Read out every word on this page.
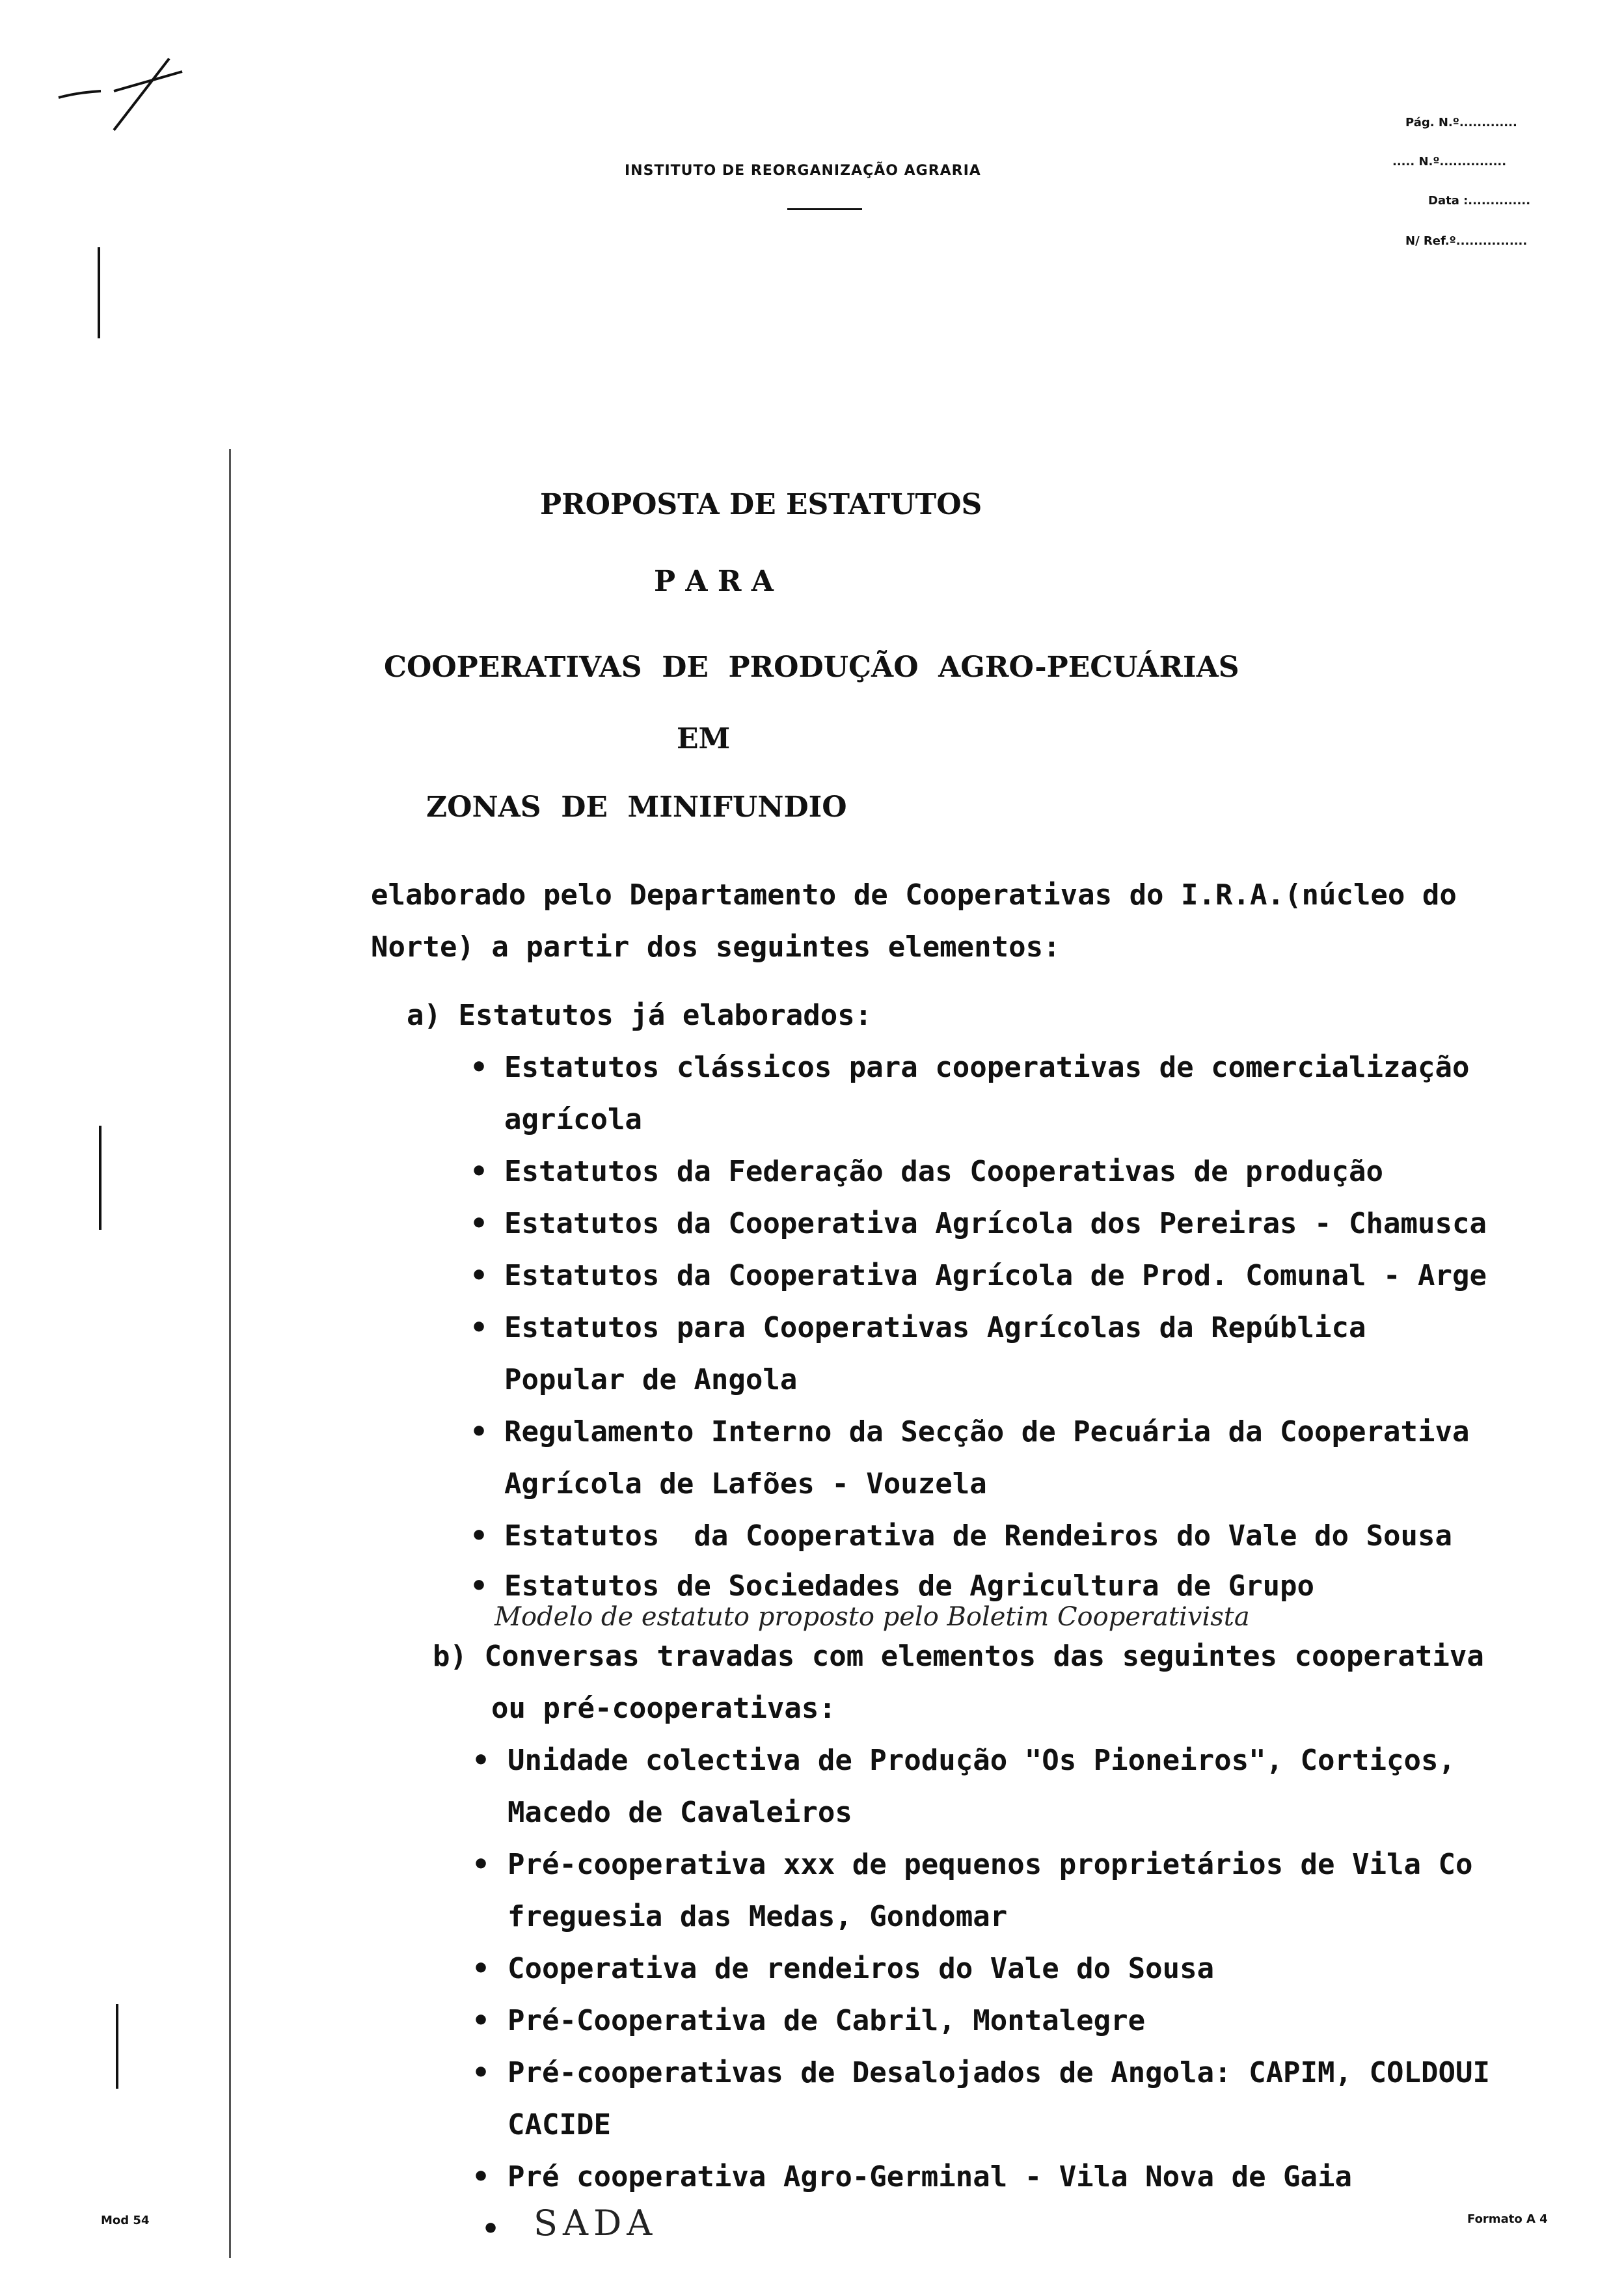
INSTITUTO DE REORGANIZAÇÃO AGRARIA
Pág. N.º.............
..... N.º...............
Data :..............
N/ Ref.º................
PROPOSTA DE ESTATUTOS
P A R A
COOPERATIVAS  DE  PRODUÇÃO  AGRO-PECUÁRIAS
EM
ZONAS  DE  MINIFUNDIO
elaborado pelo Departamento de Cooperativas do I.R.A.(núcleo do
Norte) a partir dos seguintes elementos:
a) Estatutos já elaborados:
• Estatutos clássicos para cooperativas de comercialização
agrícola
• Estatutos da Federação das Cooperativas de produção
• Estatutos da Cooperativa Agrícola dos Pereiras - Chamusca
• Estatutos da Cooperativa Agrícola de Prod. Comunal - Arge
• Estatutos para Cooperativas Agrícolas da República
Popular de Angola
• Regulamento Interno da Secção de Pecuária da Cooperativa
Agrícola de Lafões - Vouzela
• Estatutos  da Cooperativa de Rendeiros do Vale do Sousa
• Estatutos de Sociedades de Agricultura de Grupo
Modelo de estatuto proposto pelo Boletim Cooperativista
b) Conversas travadas com elementos das seguintes cooperativa
ou pré-cooperativas:
• Unidade colectiva de Produção "Os Pioneiros", Cortiços,
Macedo de Cavaleiros
• Pré-cooperativa xxx de pequenos proprietários de Vila Co
freguesia das Medas, Gondomar
• Cooperativa de rendeiros do Vale do Sousa
• Pré-Cooperativa de Cabril, Montalegre
• Pré-cooperativas de Desalojados de Angola: CAPIM, COLDOUI
CACIDE
• Pré cooperativa Agro-Germinal - Vila Nova de Gaia
• SADA
Mod 54	Formato A 4
